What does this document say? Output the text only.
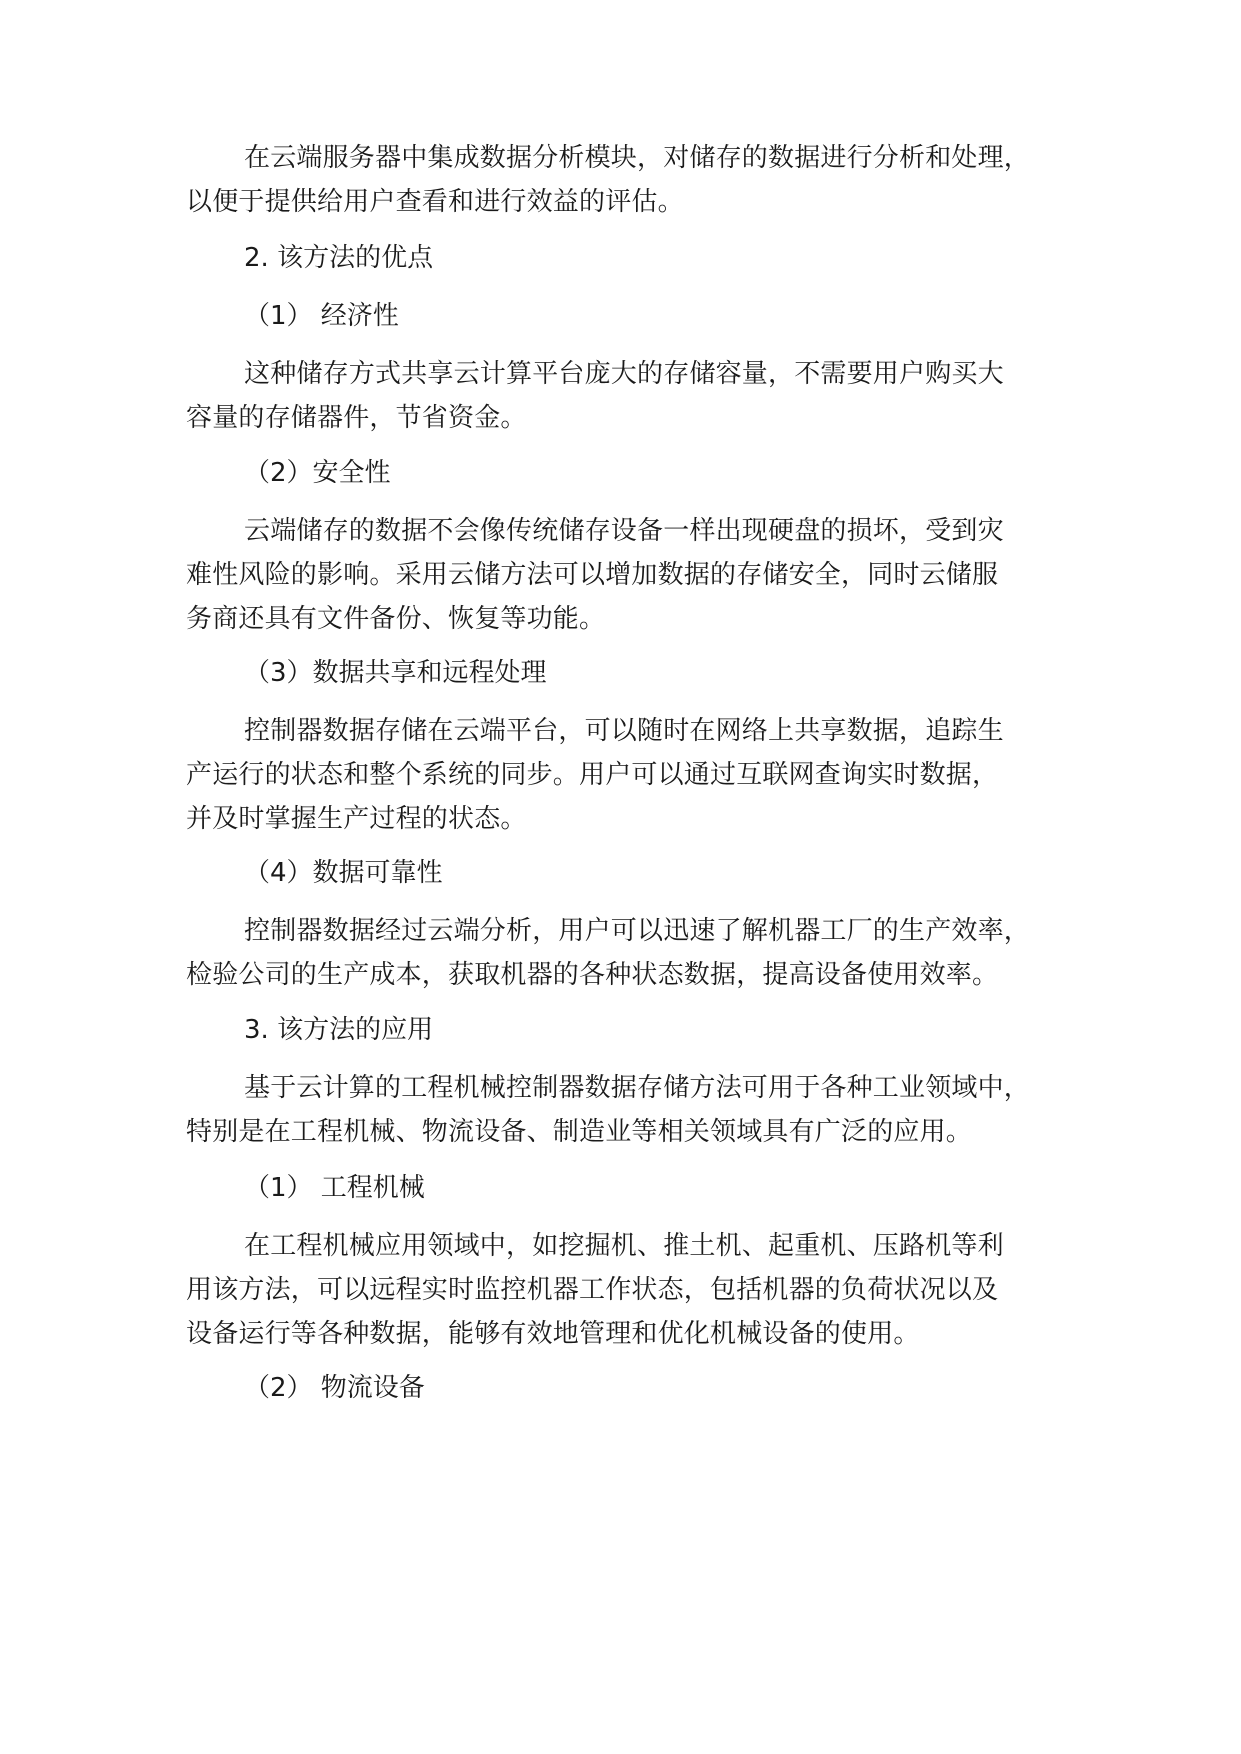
在云端服务器中集成数据分析模块，对储存的数据进行分析和处理，
以便于提供给用户查看和进行效益的评估。

2. 该方法的优点

（1） 经济性

这种储存方式共享云计算平台庞大的存储容量，不需要用户购买大
容量的存储器件，节省资金。

（2）安全性

云端储存的数据不会像传统储存设备一样出现硬盘的损坏，受到灾
难性风险的影响。采用云储方法可以增加数据的存储安全，同时云储服
务商还具有文件备份、恢复等功能。

（3）数据共享和远程处理

控制器数据存储在云端平台，可以随时在网络上共享数据，追踪生
产运行的状态和整个系统的同步。用户可以通过互联网查询实时数据，
并及时掌握生产过程的状态。

（4）数据可靠性

控制器数据经过云端分析，用户可以迅速了解机器工厂的生产效率，
检验公司的生产成本，获取机器的各种状态数据，提高设备使用效率。

3. 该方法的应用

基于云计算的工程机械控制器数据存储方法可用于各种工业领域中，
特别是在工程机械、物流设备、制造业等相关领域具有广泛的应用。

（1） 工程机械

在工程机械应用领域中，如挖掘机、推土机、起重机、压路机等利
用该方法，可以远程实时监控机器工作状态，包括机器的负荷状况以及
设备运行等各种数据，能够有效地管理和优化机械设备的使用。

（2） 物流设备
